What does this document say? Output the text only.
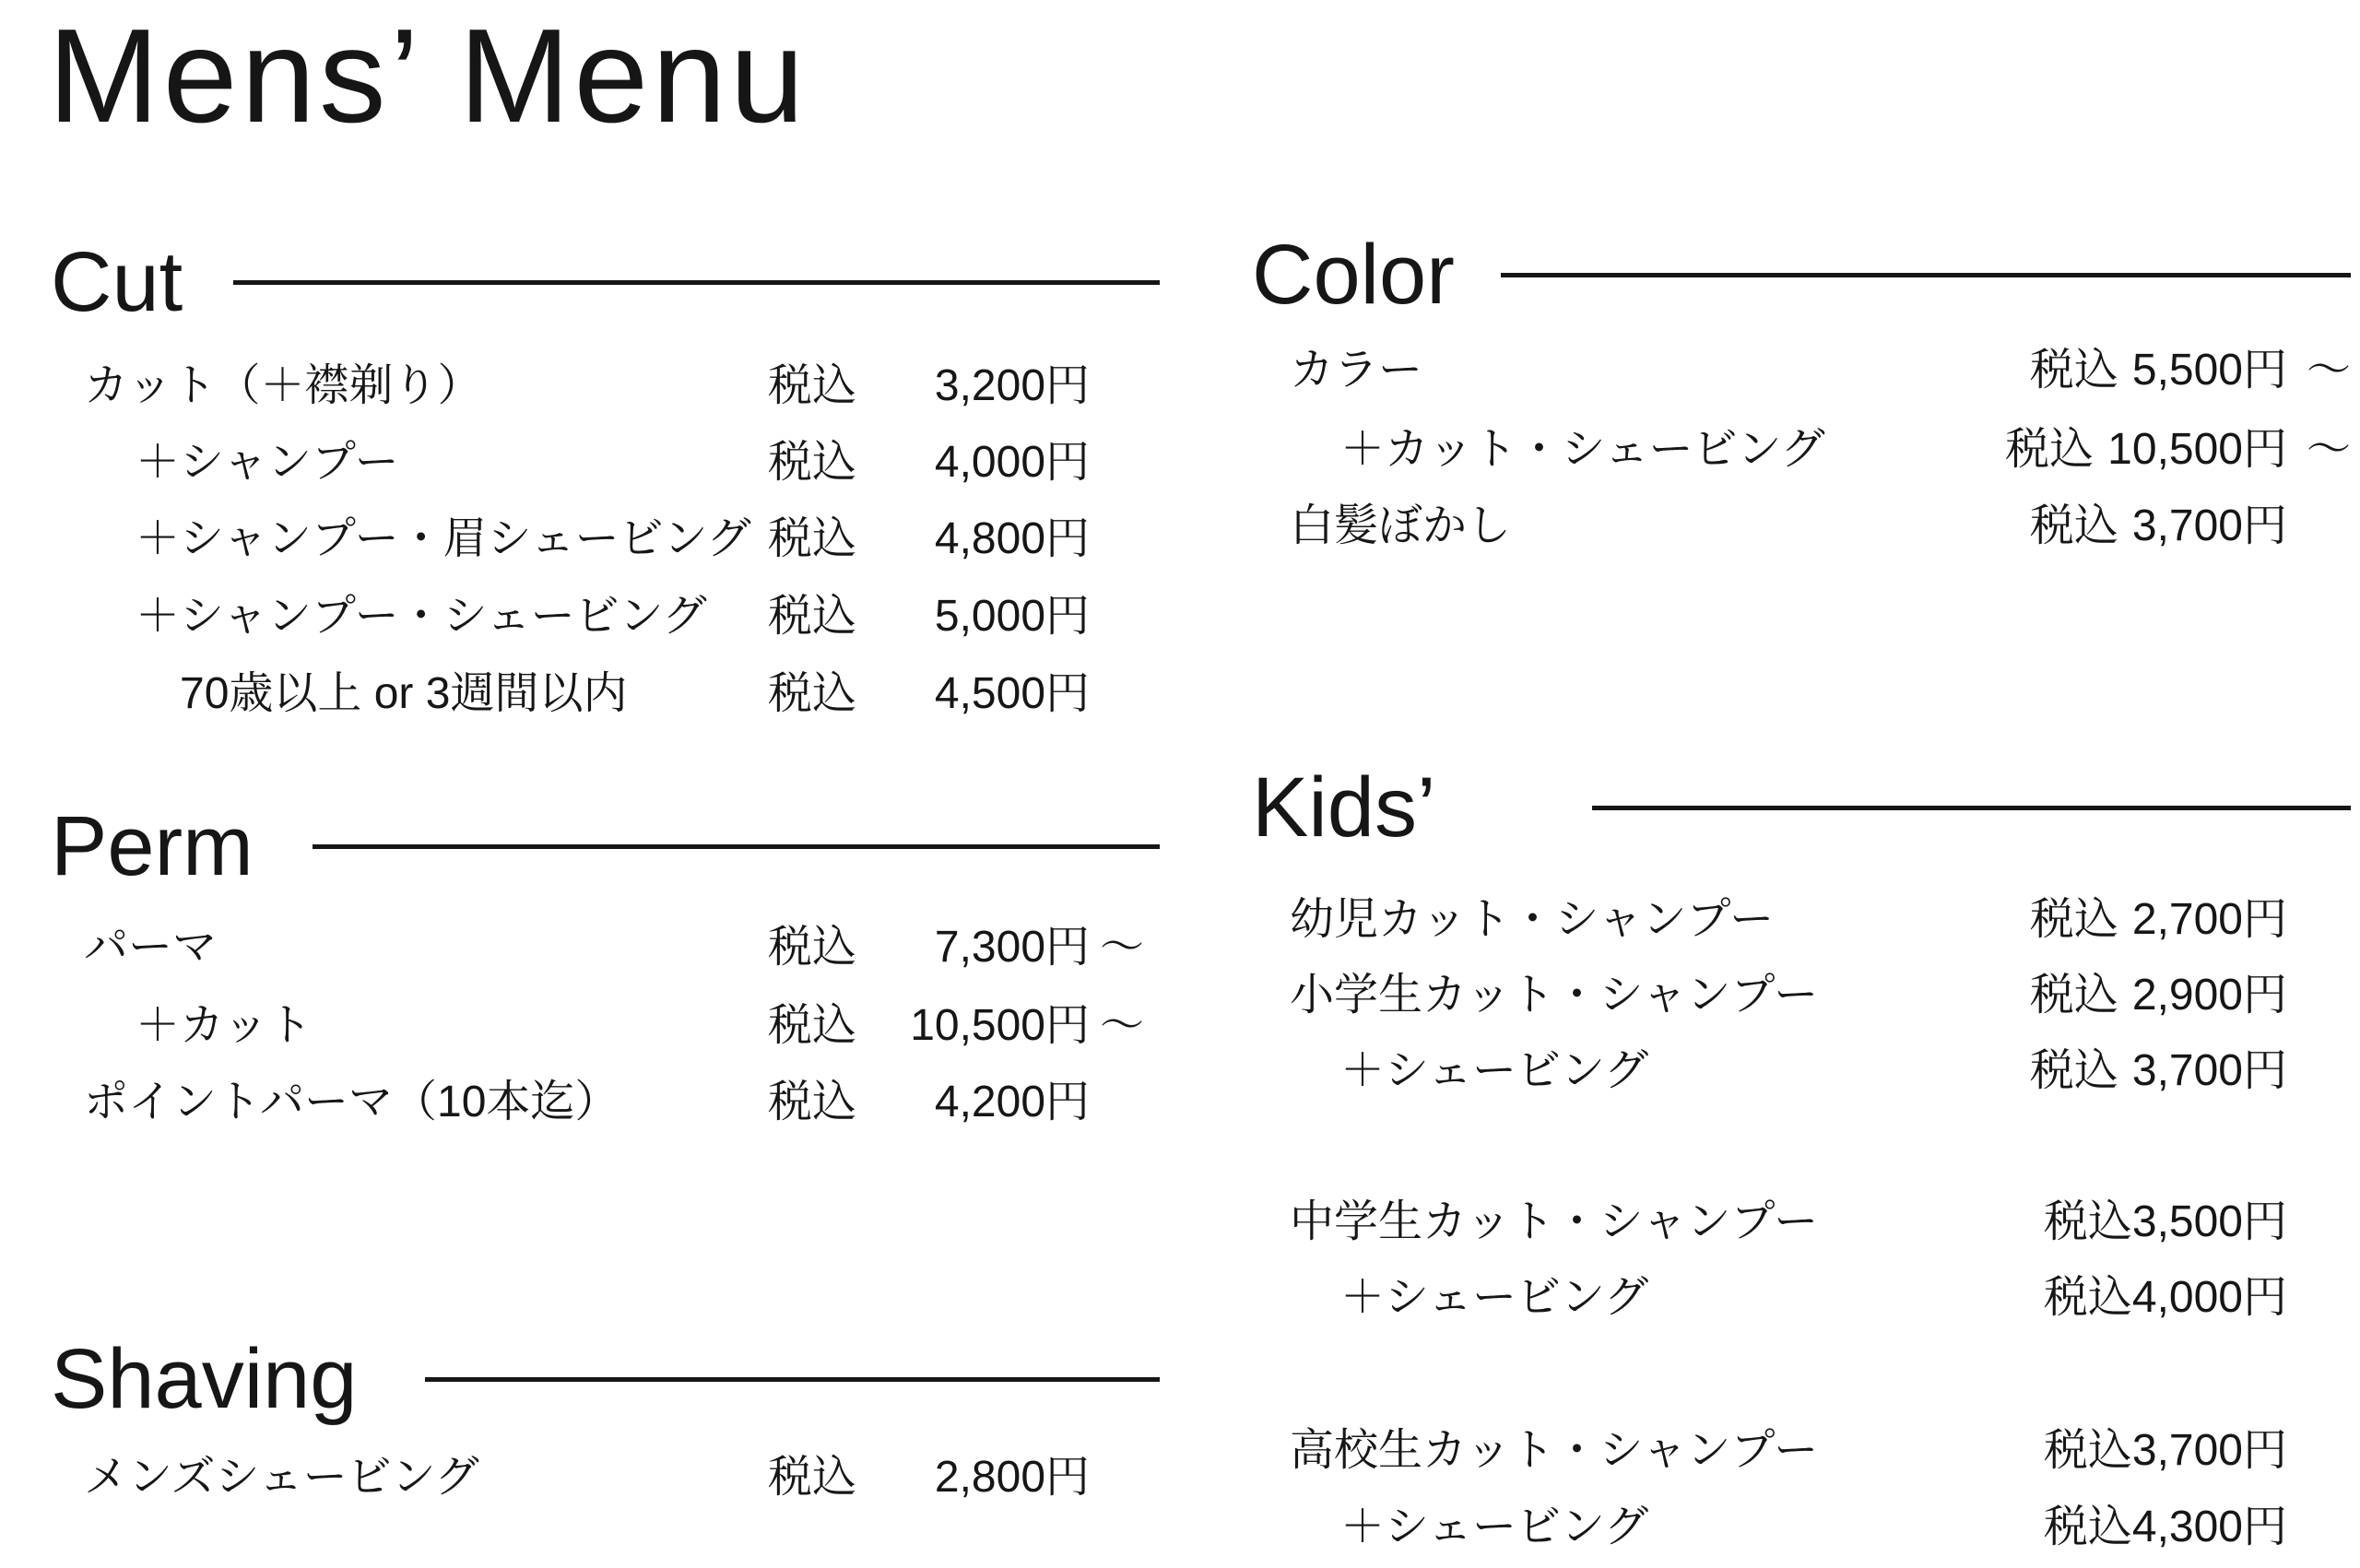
Mens’ Menu
Cut
カット（＋襟剃り）	税込	3,200円
＋シャンプー	税込	4,000円
＋シャンプー・眉シェービング 税込	4,800円
＋シャンプー・シェービング 税込	5,000円
70歳以上 or 3週間以内	税込	4,500円
Perm
パーマ	税込	7,300円 ～
＋カット	税込	10,500円 ～
ポイントパーマ（10本迄）	税込	4,200円
Shaving
メンズシェービング	税込	2,800円
Color
カラー	税込 5,500円 ～
＋カット・シェービング	税込 10,500円 ～
白髪ぼかし	税込 3,700円
Kids’
幼児カット・シャンプー	税込 2,700円
小学生カット・シャンプー	税込 2,900円
＋シェービング	税込 3,700円
中学生カット・シャンプー	税込 3,500円
＋シェービング	税込 4,000円
高校生カット・シャンプー	税込 3,700円
＋シェービング	税込 4,300円
